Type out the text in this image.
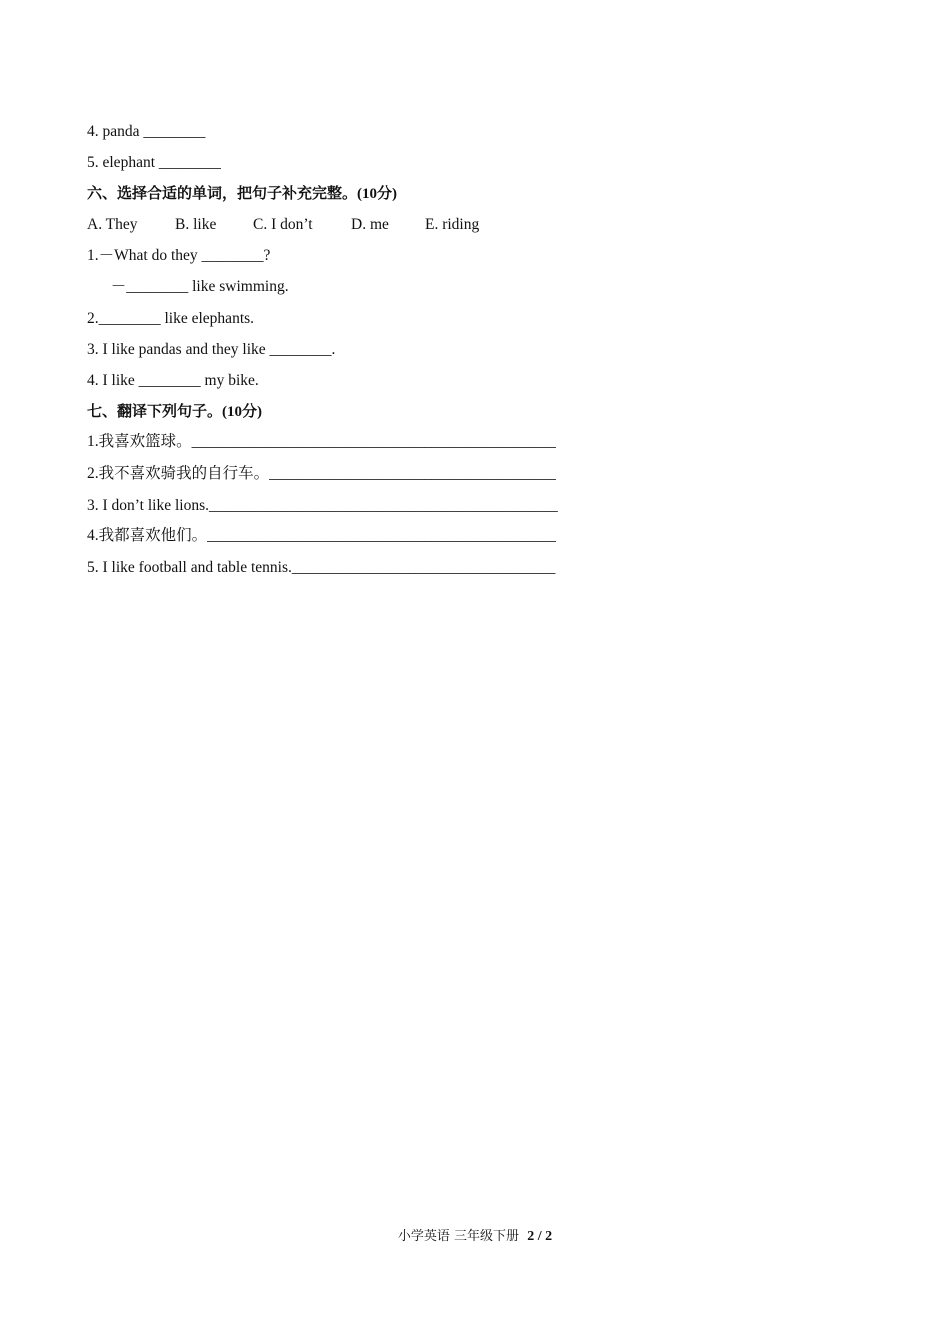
4. panda ________
5. elephant ________
六、选择合适的单词，把句子补充完整。(10分)
A. They B. like C. I don’t D. me E. riding
1.－What do they ________?
－________ like swimming.
2.________ like elephants.
3. I like pandas and they like ________.
4. I like ________ my bike.
七、翻译下列句子。(10分)
1.我喜欢篮球。_______________________________________________
2.我不喜欢骑我的自行车。_____________________________________
3. I don’t like lions._____________________________________________
4.我都喜欢他们。_____________________________________________
5. I like football and table tennis.__________________________________
小学英语 三年级下册 2 / 2
